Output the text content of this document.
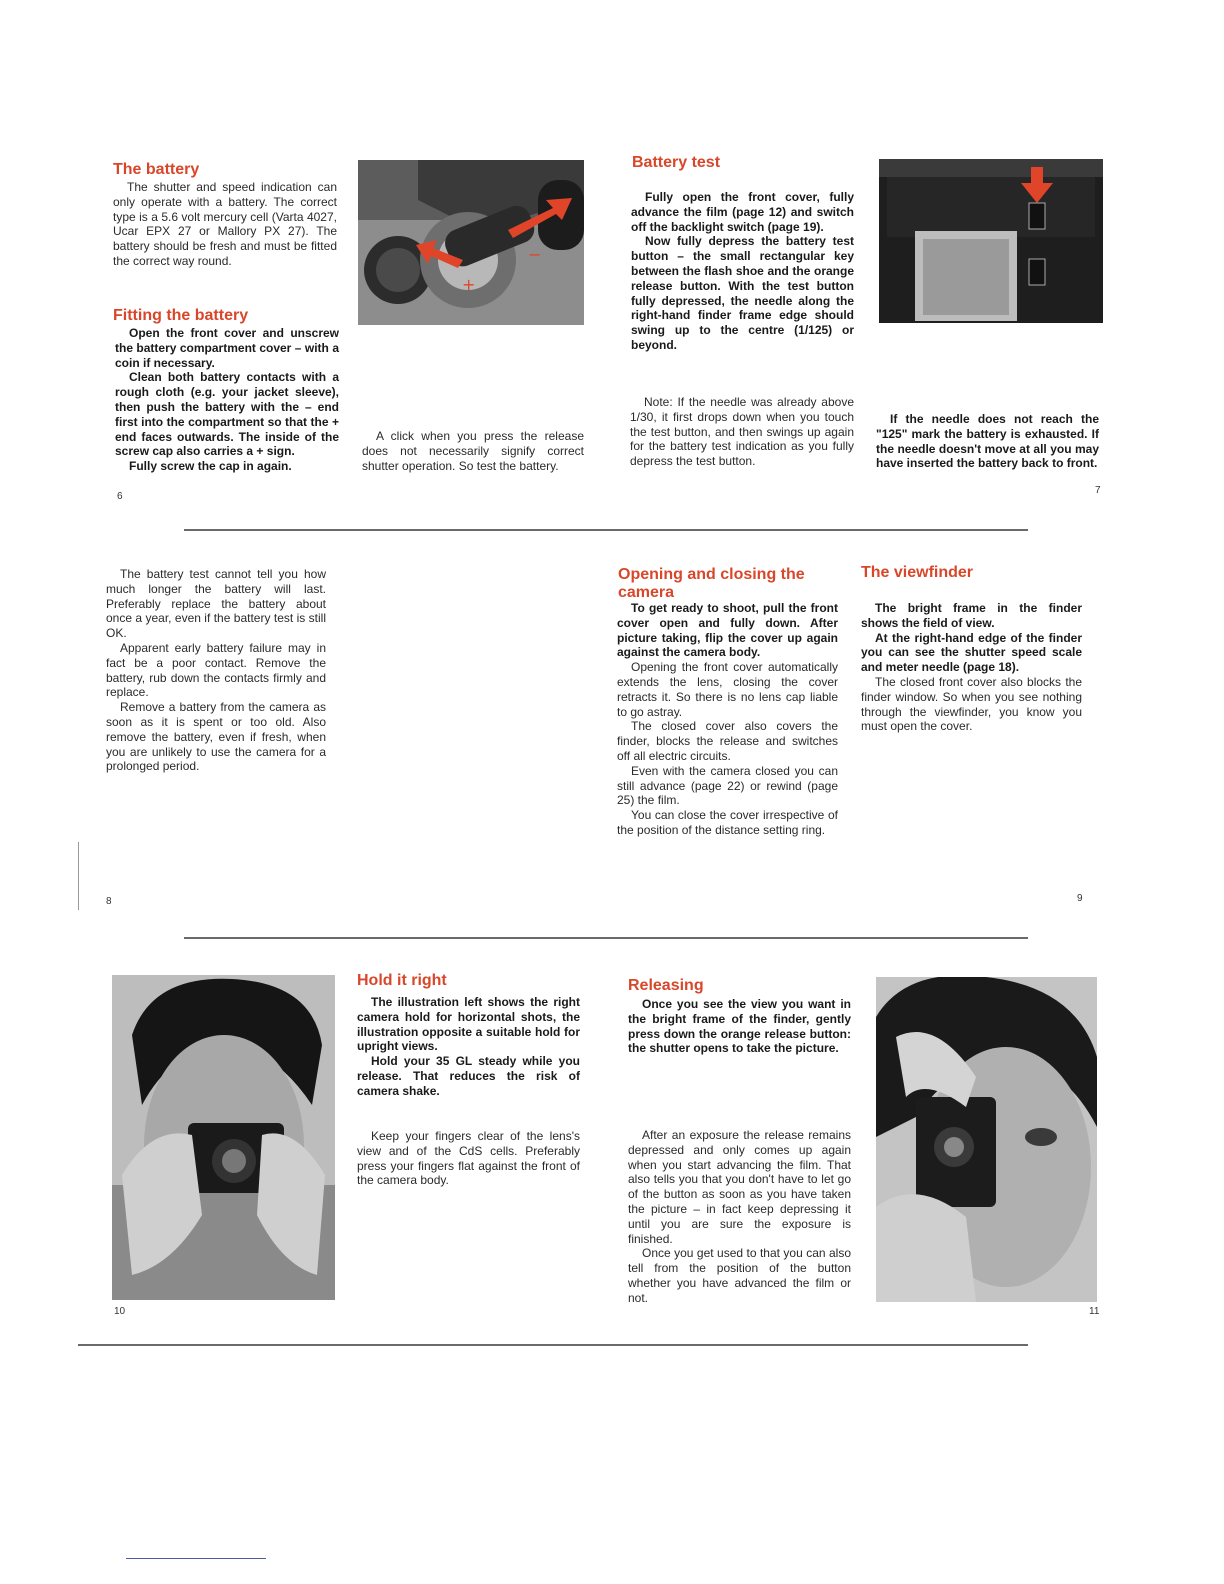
The battery

The shutter and speed indication can only operate with a battery. The correct type is a 5.6 volt mercury cell (Varta 4027, Ucar EPX 27 or Mallory PX 27). The battery should be fresh and must be fitted the correct way round.

Fitting the battery

Open the front cover and unscrew the battery compartment cover – with a coin if necessary.

Clean both battery contacts with a rough cloth (e.g. your jacket sleeve), then push the battery with the – end first into the compartment so that the + end faces outwards. The inside of the screw cap also carries a + sign.

Fully screw the cap in again.

6
+
−

A click when you press the release does not necessarily signify correct shutter operation. So test the battery.

Battery test

Fully open the front cover, fully advance the film (page 12) and switch off the backlight switch (page 19).

Now fully depress the battery test button – the small rectangular key between the flash shoe and the orange release button. With the test button fully depressed, the needle along the right-hand finder frame edge should swing up to the centre (1/125) or beyond.

Note: If the needle was already above 1/30, it first drops down when you touch the test button, and then swings up again for the battery test indication as you fully depress the test button.

If the needle does not reach the "125" mark the battery is exhausted. If the needle doesn't move at all you may have inserted the battery back to front.

7

The battery test cannot tell you how much longer the battery will last. Preferably replace the battery about once a year, even if the battery test is still OK.

Apparent early battery failure may in fact be a poor contact. Remove the battery, rub down the contacts firmly and replace.

Remove a battery from the camera as soon as it is spent or too old. Also remove the battery, even if fresh, when you are unlikely to use the camera for a prolonged period.

8
Opening and closing the camera

To get ready to shoot, pull the front cover open and fully down. After picture taking, flip the cover up again against the camera body.

Opening the front cover automatically extends the lens, closing the cover retracts it. So there is no lens cap liable to go astray.

The closed cover also covers the finder, blocks the release and switches off all electric circuits.

Even with the camera closed you can still advance (page 22) or rewind (page 25) the film.

You can close the cover irrespective of the position of the distance setting ring.

The viewfinder

The bright frame in the finder shows the field of view.

At the right-hand edge of the finder you can see the shutter speed scale and meter needle (page 18).

The closed front cover also blocks the finder window. So when you see nothing through the viewfinder, you know you must open the cover.

9
10
Hold it right

The illustration left shows the right camera hold for horizontal shots, the illustration opposite a suitable hold for upright views.

Hold your 35 GL steady while you release. That reduces the risk of camera shake.

Keep your fingers clear of the lens's view and of the CdS cells. Preferably press your fingers flat against the front of the camera body.

Releasing

Once you see the view you want in the bright frame of the finder, gently press down the orange release button: the shutter opens to take the picture.

After an exposure the release remains depressed and only comes up again when you start advancing the film. That also tells you that you don't have to let go of the button as soon as you have taken the picture – in fact keep depressing it until you are sure the exposure is finished.

Once you get used to that you can also tell from the position of the button whether you have advanced the film or not.

11
